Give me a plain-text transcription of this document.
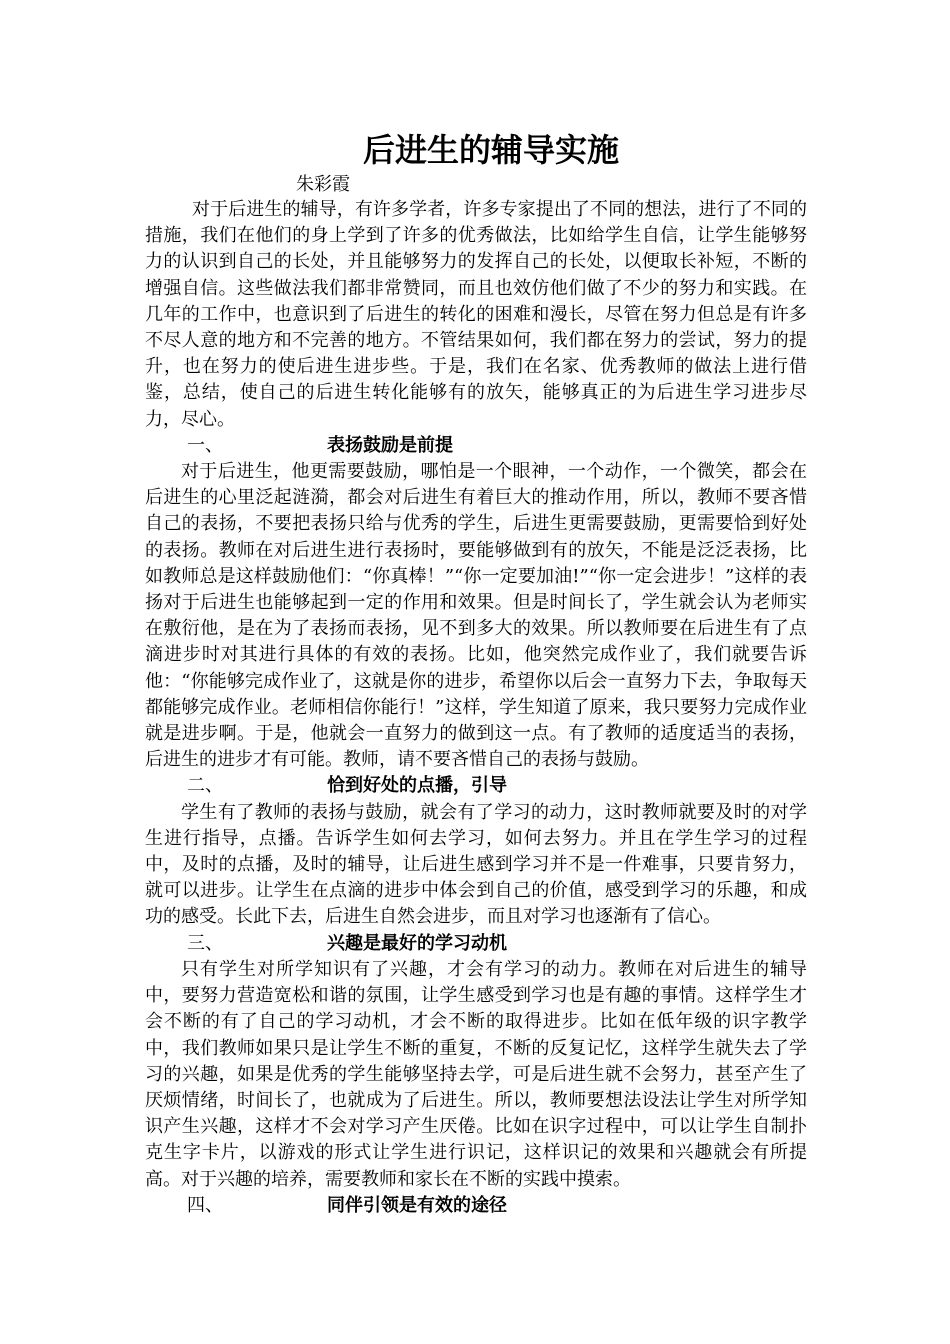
后进生的辅导实施

朱彩霞

对于后进生的辅导，有许多学者，许多专家提出了不同的想法，进行了不同的措施，我们在他们的身上学到了许多的优秀做法，比如给学生自信，让学生能够努力的认识到自己的长处，并且能够努力的发挥自己的长处，以便取长补短，不断的增强自信。这些做法我们都非常赞同，而且也效仿他们做了不少的努力和实践。在几年的工作中，也意识到了后进生的转化的困难和漫长，尽管在努力但总是有许多不尽人意的地方和不完善的地方。不管结果如何，我们都在努力的尝试，努力的提升，也在努力的使后进生进步些。于是，我们在名家、优秀教师的做法上进行借鉴，总结，使自己的后进生转化能够有的放矢，能够真正的为后进生学习进步尽力，尽心。

一、	表扬鼓励是前提

对于后进生，他更需要鼓励，哪怕是一个眼神，一个动作，一个微笑，都会在后进生的心里泛起涟漪，都会对后进生有着巨大的推动作用，所以，教师不要吝惜自己的表扬，不要把表扬只给与优秀的学生，后进生更需要鼓励，更需要恰到好处的表扬。教师在对后进生进行表扬时，要能够做到有的放矢，不能是泛泛表扬，比如教师总是这样鼓励他们：“你真棒！”“你一定要加油!”“你一定会进步！”这样的表扬对于后进生也能够起到一定的作用和效果。但是时间长了，学生就会认为老师实在敷衍他，是在为了表扬而表扬，见不到多大的效果。所以教师要在后进生有了点滴进步时对其进行具体的有效的表扬。比如，他突然完成作业了，我们就要告诉他：“你能够完成作业了，这就是你的进步，希望你以后会一直努力下去，争取每天都能够完成作业。老师相信你能行！”这样，学生知道了原来，我只要努力完成作业就是进步啊。于是，他就会一直努力的做到这一点。有了教师的适度适当的表扬，后进生的进步才有可能。教师，请不要吝惜自己的表扬与鼓励。

二、	恰到好处的点播，引导

学生有了教师的表扬与鼓励，就会有了学习的动力，这时教师就要及时的对学生进行指导，点播。告诉学生如何去学习，如何去努力。并且在学生学习的过程中，及时的点播，及时的辅导，让后进生感到学习并不是一件难事，只要肯努力，就可以进步。让学生在点滴的进步中体会到自己的价值，感受到学习的乐趣，和成功的感受。长此下去，后进生自然会进步，而且对学习也逐渐有了信心。

三、	兴趣是最好的学习动机

只有学生对所学知识有了兴趣，才会有学习的动力。教师在对后进生的辅导中，要努力营造宽松和谐的氛围，让学生感受到学习也是有趣的事情。这样学生才会不断的有了自己的学习动机，才会不断的取得进步。比如在低年级的识字教学中，我们教师如果只是让学生不断的重复，不断的反复记忆，这样学生就失去了学习的兴趣，如果是优秀的学生能够坚持去学，可是后进生就不会努力，甚至产生了厌烦情绪，时间长了，也就成为了后进生。所以，教师要想法设法让学生对所学知识产生兴趣，这样才不会对学习产生厌倦。比如在识字过程中，可以让学生自制扑克生字卡片，以游戏的形式让学生进行识记，这样识记的效果和兴趣就会有所提高。对于兴趣的培养，需要教师和家长在不断的实践中摸索。

四、	同伴引领是有效的途径
